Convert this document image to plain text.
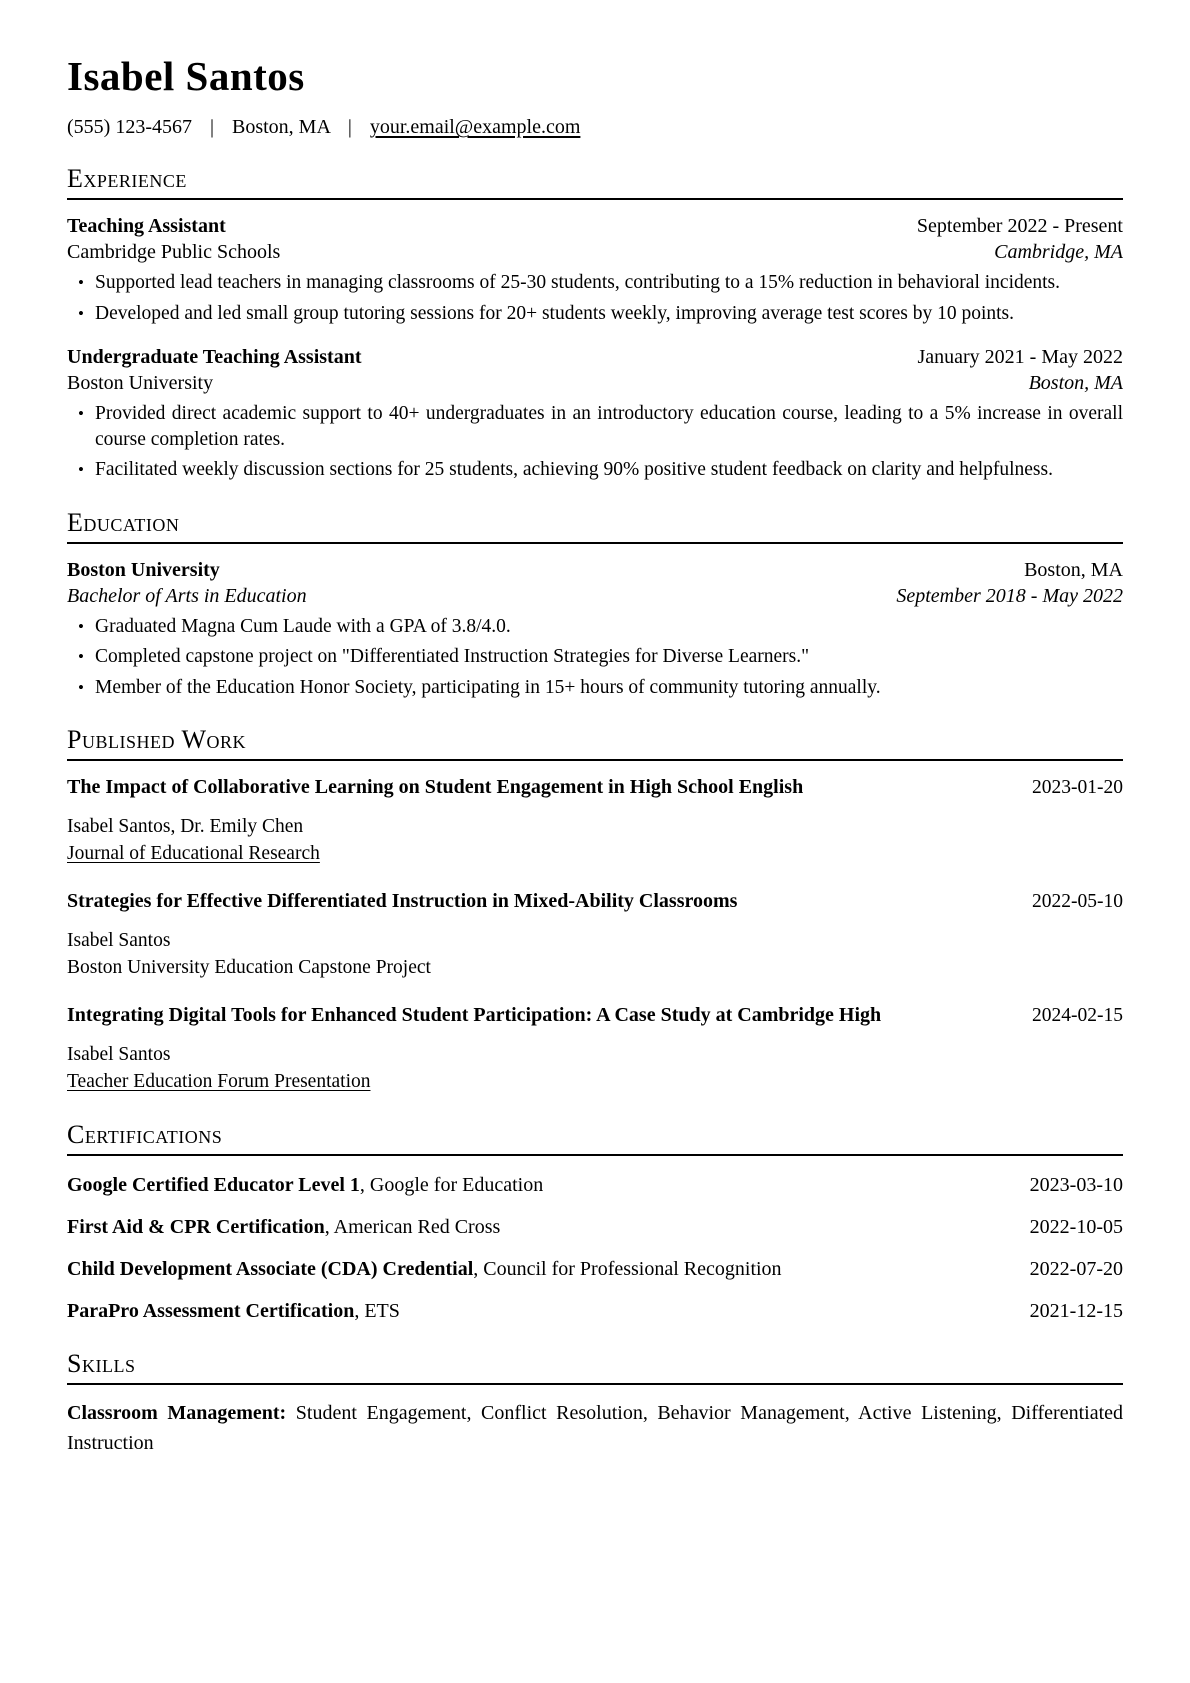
Isabel Santos
(555) 123-4567 | Boston, MA | your.email@example.com
Experience
Teaching Assistant	September 2022 - Present
Cambridge Public Schools	Cambridge, MA
• Supported lead teachers in managing classrooms of 25-30 students, contributing to a 15% reduction in behavioral incidents.
• Developed and led small group tutoring sessions for 20+ students weekly, improving average test scores by 10 points.
Undergraduate Teaching Assistant	January 2021 - May 2022
Boston University	Boston, MA
• Provided direct academic support to 40+ undergraduates in an introductory education course, leading to a 5% increase in overall course completion rates.
• Facilitated weekly discussion sections for 25 students, achieving 90% positive student feedback on clarity and helpfulness.
Education
Boston University	Boston, MA
Bachelor of Arts in Education	September 2018 - May 2022
• Graduated Magna Cum Laude with a GPA of 3.8/4.0.
• Completed capstone project on "Differentiated Instruction Strategies for Diverse Learners."
• Member of the Education Honor Society, participating in 15+ hours of community tutoring annually.
Published Work
The Impact of Collaborative Learning on Student Engagement in High School English	2023-01-20
Isabel Santos, Dr. Emily Chen
Journal of Educational Research
Strategies for Effective Differentiated Instruction in Mixed-Ability Classrooms	2022-05-10
Isabel Santos
Boston University Education Capstone Project
Integrating Digital Tools for Enhanced Student Participation: A Case Study at Cambridge High	2024-02-15
Isabel Santos
Teacher Education Forum Presentation
Certifications
Google Certified Educator Level 1 , Google for Education	2023-03-10
First Aid & CPR Certification , American Red Cross	2022-10-05
Child Development Associate (CDA) Credential , Council for Professional Recognition	2022-07-20
ParaPro Assessment Certification , ETS	2021-12-15
Skills

Classroom Management: Student Engagement, Conflict Resolution, Behavior Management, Active Listening, Differentiated Instruction
